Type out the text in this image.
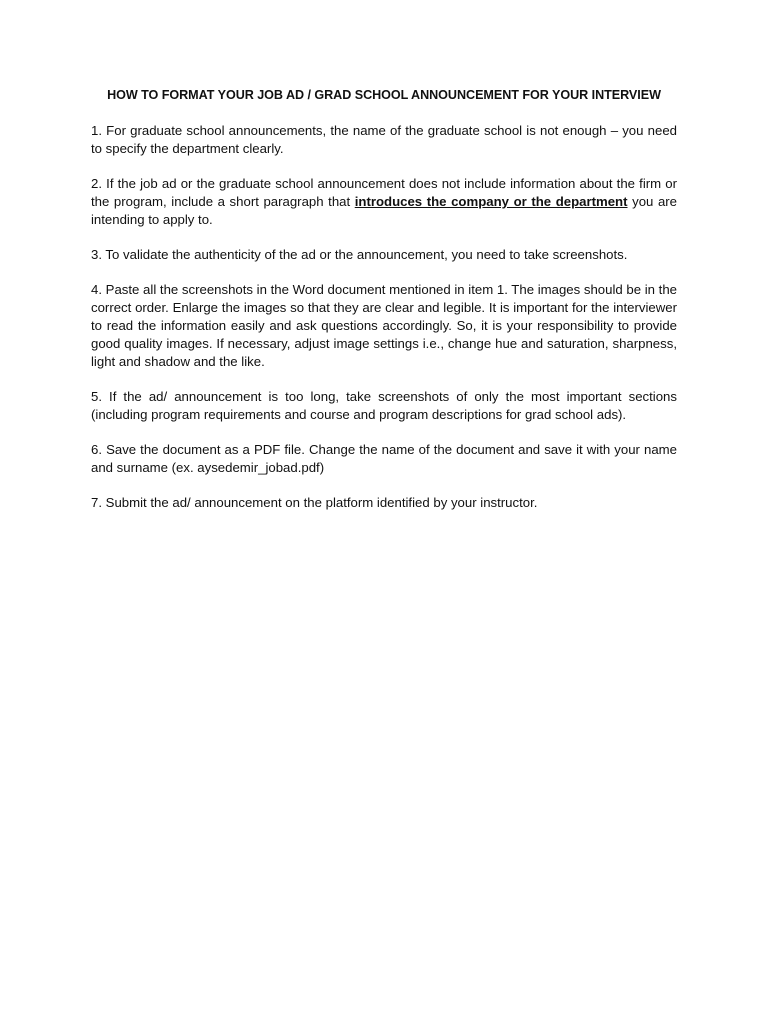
HOW TO FORMAT YOUR JOB AD / GRAD SCHOOL ANNOUNCEMENT FOR YOUR INTERVIEW

1. For graduate school announcements, the name of the graduate school is not enough – you need to specify the department clearly.

2. If the job ad or the graduate school announcement does not include information about the firm or the program, include a short paragraph that introduces the company or the department you are intending to apply to.

3. To validate the authenticity of the ad or the announcement, you need to take screenshots.

4. Paste all the screenshots in the Word document mentioned in item 1. The images should be in the correct order. Enlarge the images so that they are clear and legible. It is important for the interviewer to read the information easily and ask questions accordingly. So, it is your responsibility to provide good quality images. If necessary, adjust image settings i.e., change hue and saturation, sharpness, light and shadow and the like.

5. If the ad/ announcement is too long, take screenshots of only the most important sections (including program requirements and course and program descriptions for grad school ads).

6. Save the document as a PDF file. Change the name of the document and save it with your name and surname (ex. aysedemir_jobad.pdf)

7. Submit the ad/ announcement on the platform identified by your instructor.
